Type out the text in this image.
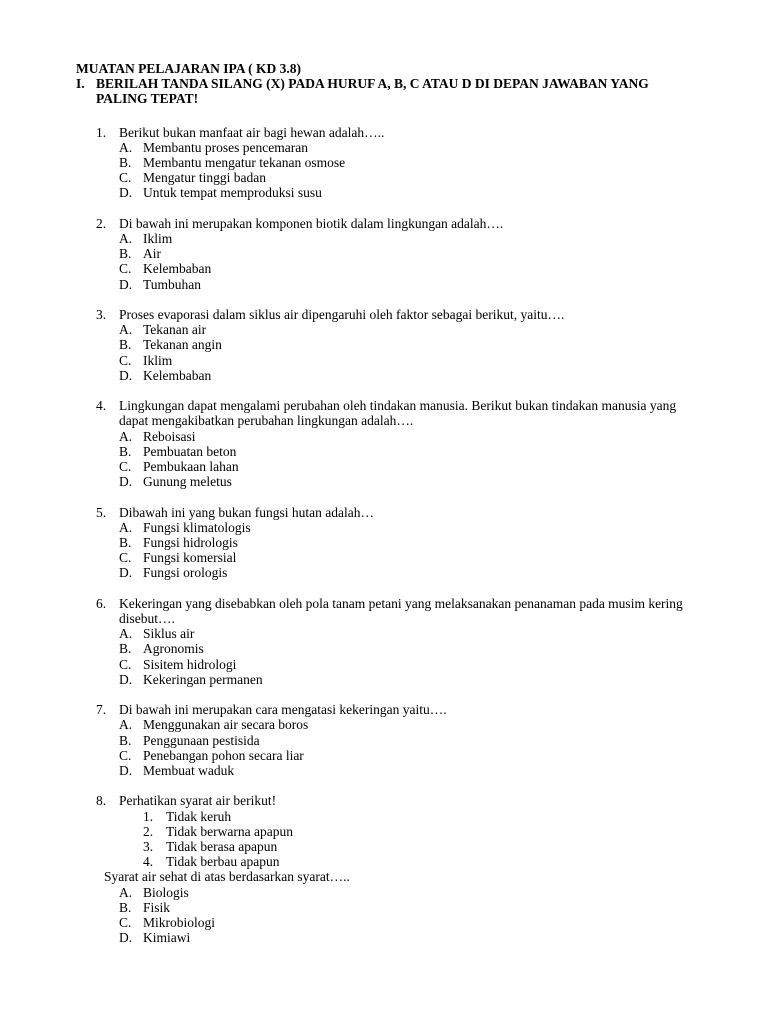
MUATAN PELAJARAN IPA ( KD 3.8)
I. BERILAH TANDA SILANG (X) PADA HURUF A, B, C ATAU D DI DEPAN JAWABAN YANG PALING TEPAT!
1. Berikut bukan manfaat air bagi hewan adalah…..
A. Membantu proses pencemaran
B. Membantu mengatur tekanan osmose
C. Mengatur tinggi badan
D. Untuk tempat memproduksi susu
2. Di bawah ini merupakan komponen biotik dalam lingkungan adalah….
A. Iklim
B. Air
C. Kelembaban
D. Tumbuhan
3. Proses evaporasi dalam siklus air dipengaruhi oleh faktor sebagai berikut, yaitu….
A. Tekanan air
B. Tekanan angin
C. Iklim
D. Kelembaban
4. Lingkungan dapat mengalami perubahan oleh tindakan manusia. Berikut bukan tindakan manusia yang dapat mengakibatkan perubahan lingkungan adalah….
A. Reboisasi
B. Pembuatan beton
C. Pembukaan lahan
D. Gunung meletus
5. Dibawah ini yang bukan fungsi hutan adalah…
A. Fungsi klimatologis
B. Fungsi hidrologis
C. Fungsi komersial
D. Fungsi orologis
6. Kekeringan yang disebabkan oleh pola tanam petani yang melaksanakan penanaman pada musim kering disebut….
A. Siklus air
B. Agronomis
C. Sisitem hidrologi
D. Kekeringan permanen
7. Di bawah ini merupakan cara mengatasi kekeringan yaitu….
A. Menggunakan air secara boros
B. Penggunaan pestisida
C. Penebangan pohon secara liar
D. Membuat waduk
8. Perhatikan syarat air berikut!
1. Tidak keruh
2. Tidak berwarna apapun
3. Tidak berasa apapun
4. Tidak berbau apapun
Syarat air sehat di atas berdasarkan syarat…..
A. Biologis
B. Fisik
C. Mikrobiologi
D. Kimiawi
